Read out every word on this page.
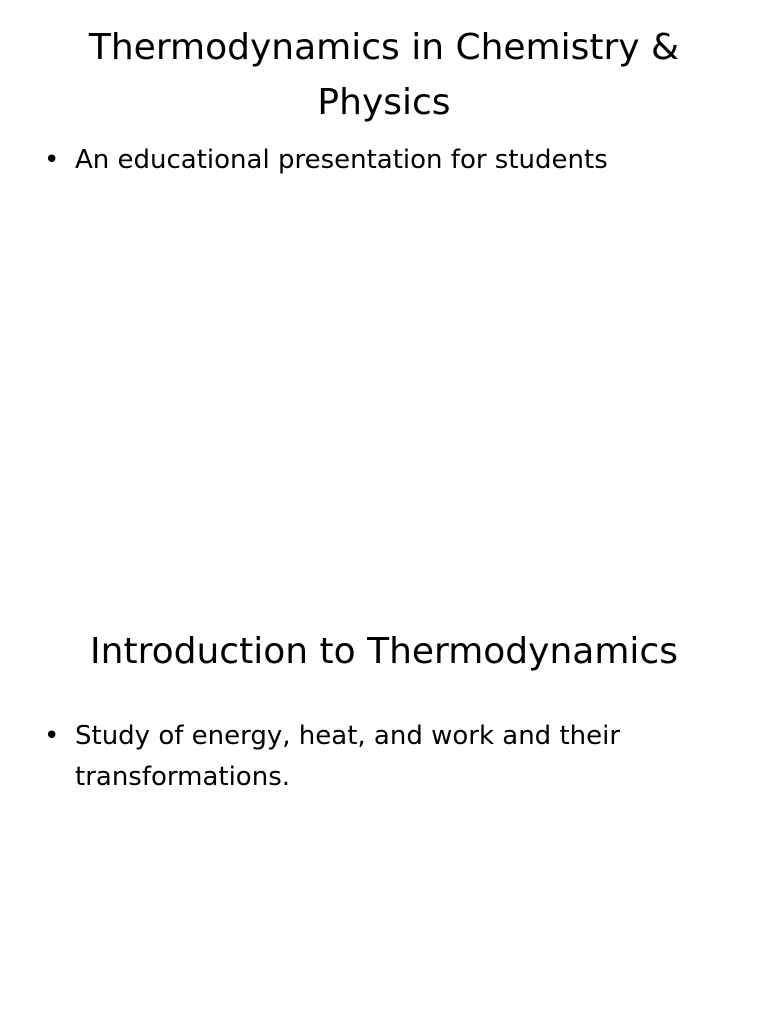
Thermodynamics in Chemistry & Physics
• An educational presentation for students
Introduction to Thermodynamics
• Study of energy, heat, and work and their transformations.
